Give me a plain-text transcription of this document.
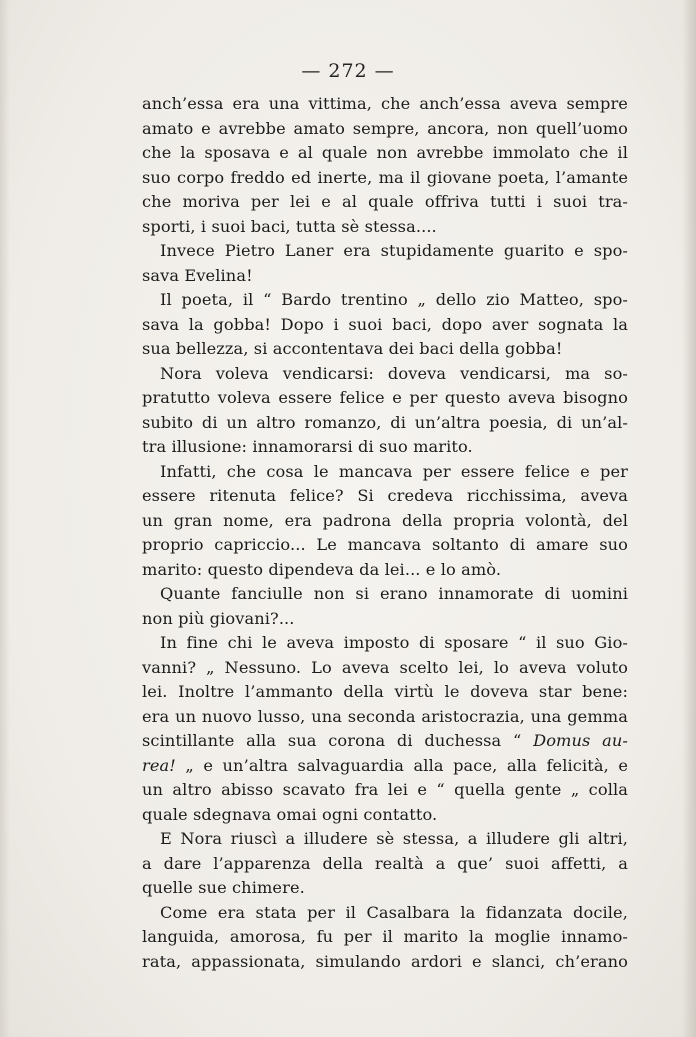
— 272 —
anch’essa era una vittima, che anch’essa aveva sempre
amato e avrebbe amato sempre, ancora, non quell’uomo
che la sposava e al quale non avrebbe immolato che il
suo corpo freddo ed inerte, ma il giovane poeta, l’amante
che moriva per lei e al quale offriva tutti i suoi tra-
sporti, i suoi baci, tutta sè stessa....
Invece Pietro Laner era stupidamente guarito e spo-
sava Evelina!
Il poeta, il “ Bardo trentino „ dello zio Matteo, spo-
sava la gobba! Dopo i suoi baci, dopo aver sognata la
sua bellezza, si accontentava dei baci della gobba!
Nora voleva vendicarsi: doveva vendicarsi, ma so-
pratutto voleva essere felice e per questo aveva bisogno
subito di un altro romanzo, di un’altra poesia, di un’al-
tra illusione: innamorarsi di suo marito.
Infatti, che cosa le mancava per essere felice e per
essere ritenuta felice? Si credeva ricchissima, aveva
un gran nome, era padrona della propria volontà, del
proprio capriccio... Le mancava soltanto di amare suo
marito: questo dipendeva da lei... e lo amò.
Quante fanciulle non si erano innamorate di uomini
non più giovani?...
In fine chi le aveva imposto di sposare “ il suo Gio-
vanni? „ Nessuno. Lo aveva scelto lei, lo aveva voluto
lei. Inoltre l’ammanto della virtù le doveva star bene:
era un nuovo lusso, una seconda aristocrazia, una gemma
scintillante alla sua corona di duchessa “ Domus au-
rea! „ e un’altra salvaguardia alla pace, alla felicità, e
un altro abisso scavato fra lei e “ quella gente „ colla
quale sdegnava omai ogni contatto.
E Nora riuscì a illudere sè stessa, a illudere gli altri,
a dare l’apparenza della realtà a que’ suoi affetti, a
quelle sue chimere.
Come era stata per il Casalbara la fidanzata docile,
languida, amorosa, fu per il marito la moglie innamo-
rata, appassionata, simulando ardori e slanci, ch’erano
